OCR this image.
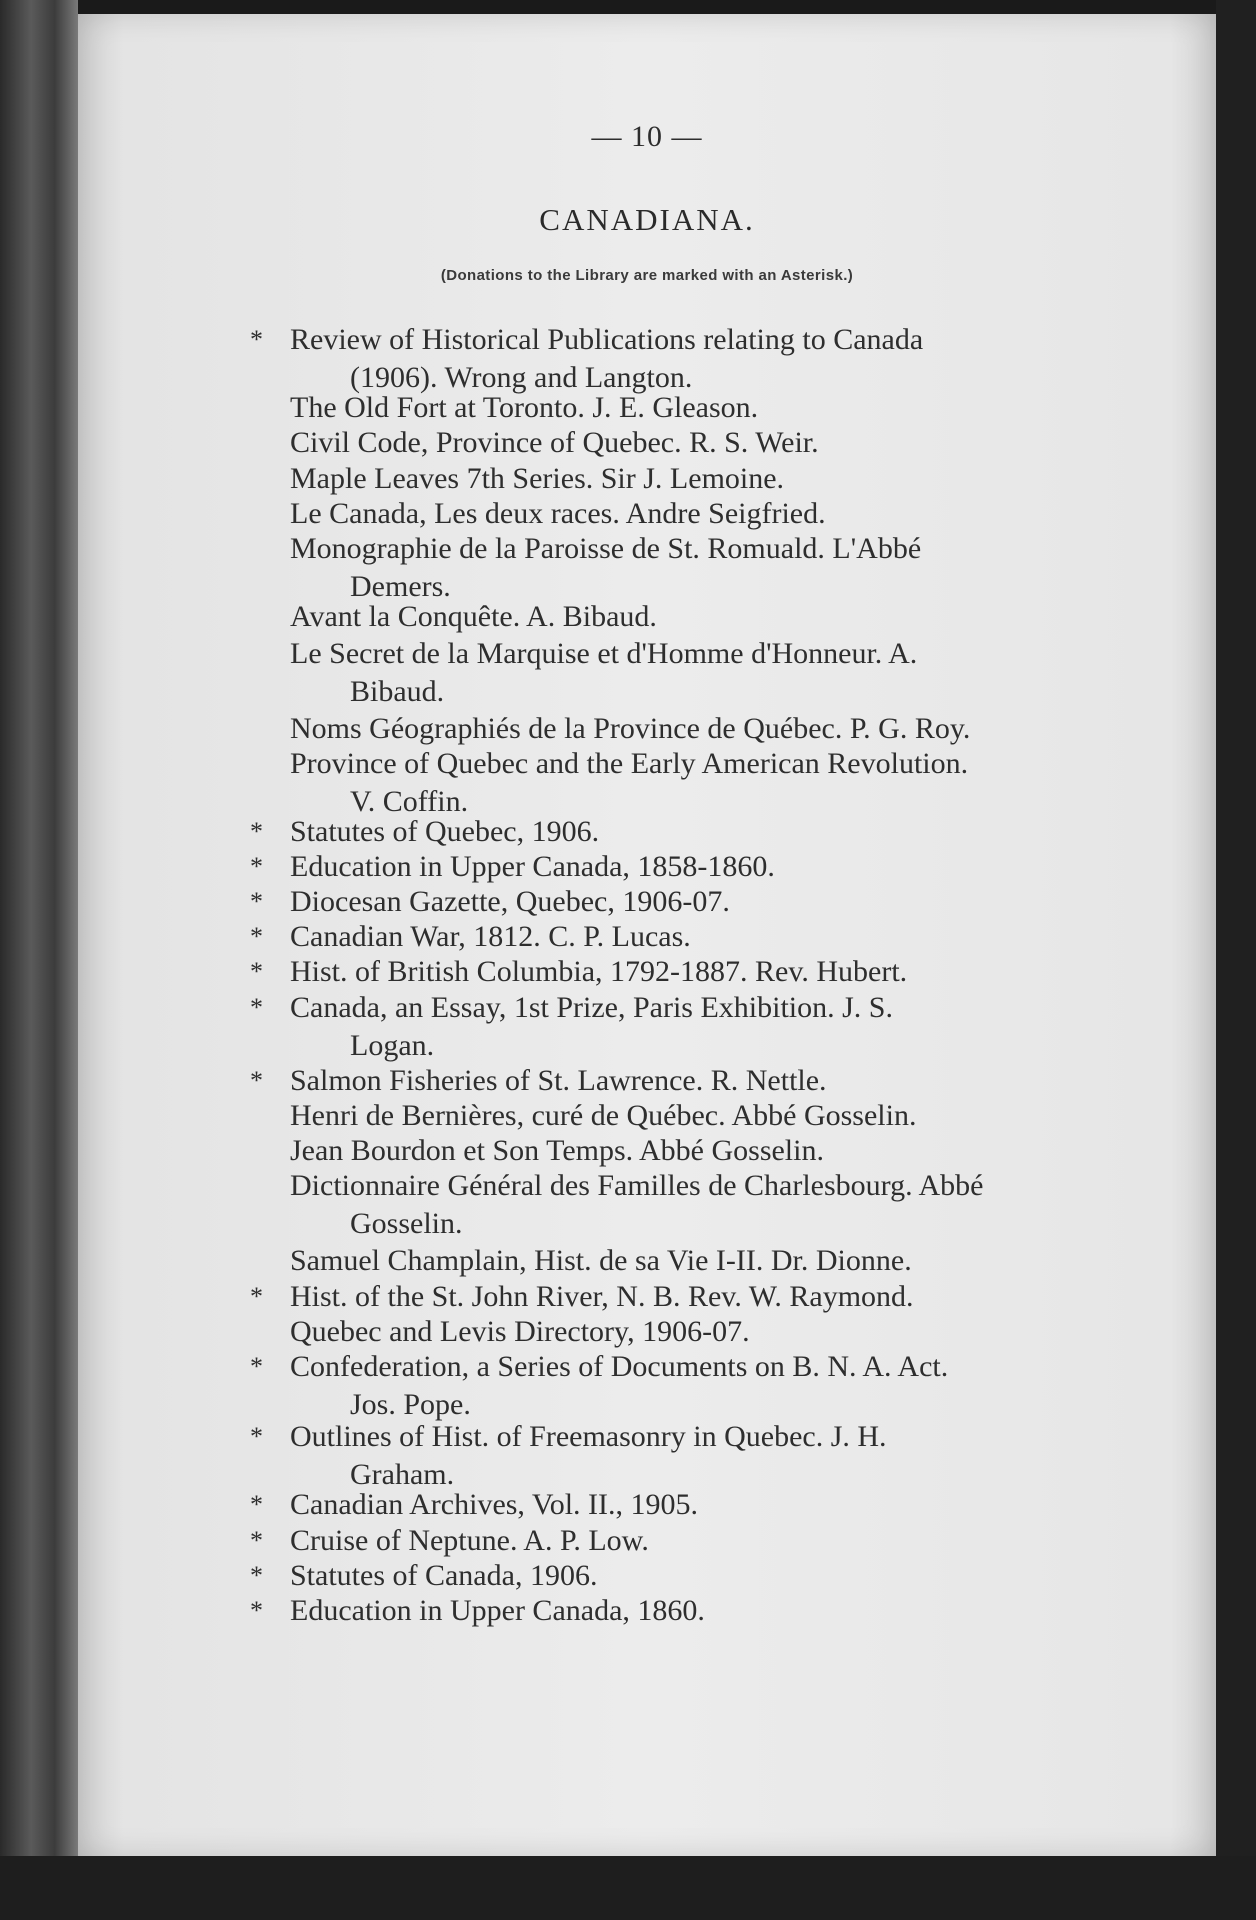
— 10 —
CANADIANA.
(Donations to the Library are marked with an Asterisk.)
* Review of Historical Publications relating to Canada
(1906). Wrong and Langton.
The Old Fort at Toronto. J. E. Gleason.
Civil Code, Province of Quebec. R. S. Weir.
Maple Leaves 7th Series. Sir J. Lemoine.
Le Canada, Les deux races. Andre Seigfried.
Monographie de la Paroisse de St. Romuald. L'Abbé
Demers.
Avant la Conquête. A. Bibaud.
Le Secret de la Marquise et d'Homme d'Honneur. A.
Bibaud.
Noms Géographiés de la Province de Québec. P. G. Roy.
Province of Quebec and the Early American Revolution.
V. Coffin.
* Statutes of Quebec, 1906.
* Education in Upper Canada, 1858-1860.
* Diocesan Gazette, Quebec, 1906-07.
* Canadian War, 1812. C. P. Lucas.
* Hist. of British Columbia, 1792-1887. Rev. Hubert.
* Canada, an Essay, 1st Prize, Paris Exhibition. J. S.
Logan.
* Salmon Fisheries of St. Lawrence. R. Nettle.
Henri de Bernières, curé de Québec. Abbé Gosselin.
Jean Bourdon et Son Temps. Abbé Gosselin.
Dictionnaire Général des Familles de Charlesbourg. Abbé
Gosselin.
Samuel Champlain, Hist. de sa Vie I-II. Dr. Dionne.
* Hist. of the St. John River, N. B. Rev. W. Raymond.
Quebec and Levis Directory, 1906-07.
* Confederation, a Series of Documents on B. N. A. Act.
Jos. Pope.
* Outlines of Hist. of Freemasonry in Quebec. J. H.
Graham.
* Canadian Archives, Vol. II., 1905.
* Cruise of Neptune. A. P. Low.
* Statutes of Canada, 1906.
* Education in Upper Canada, 1860.
